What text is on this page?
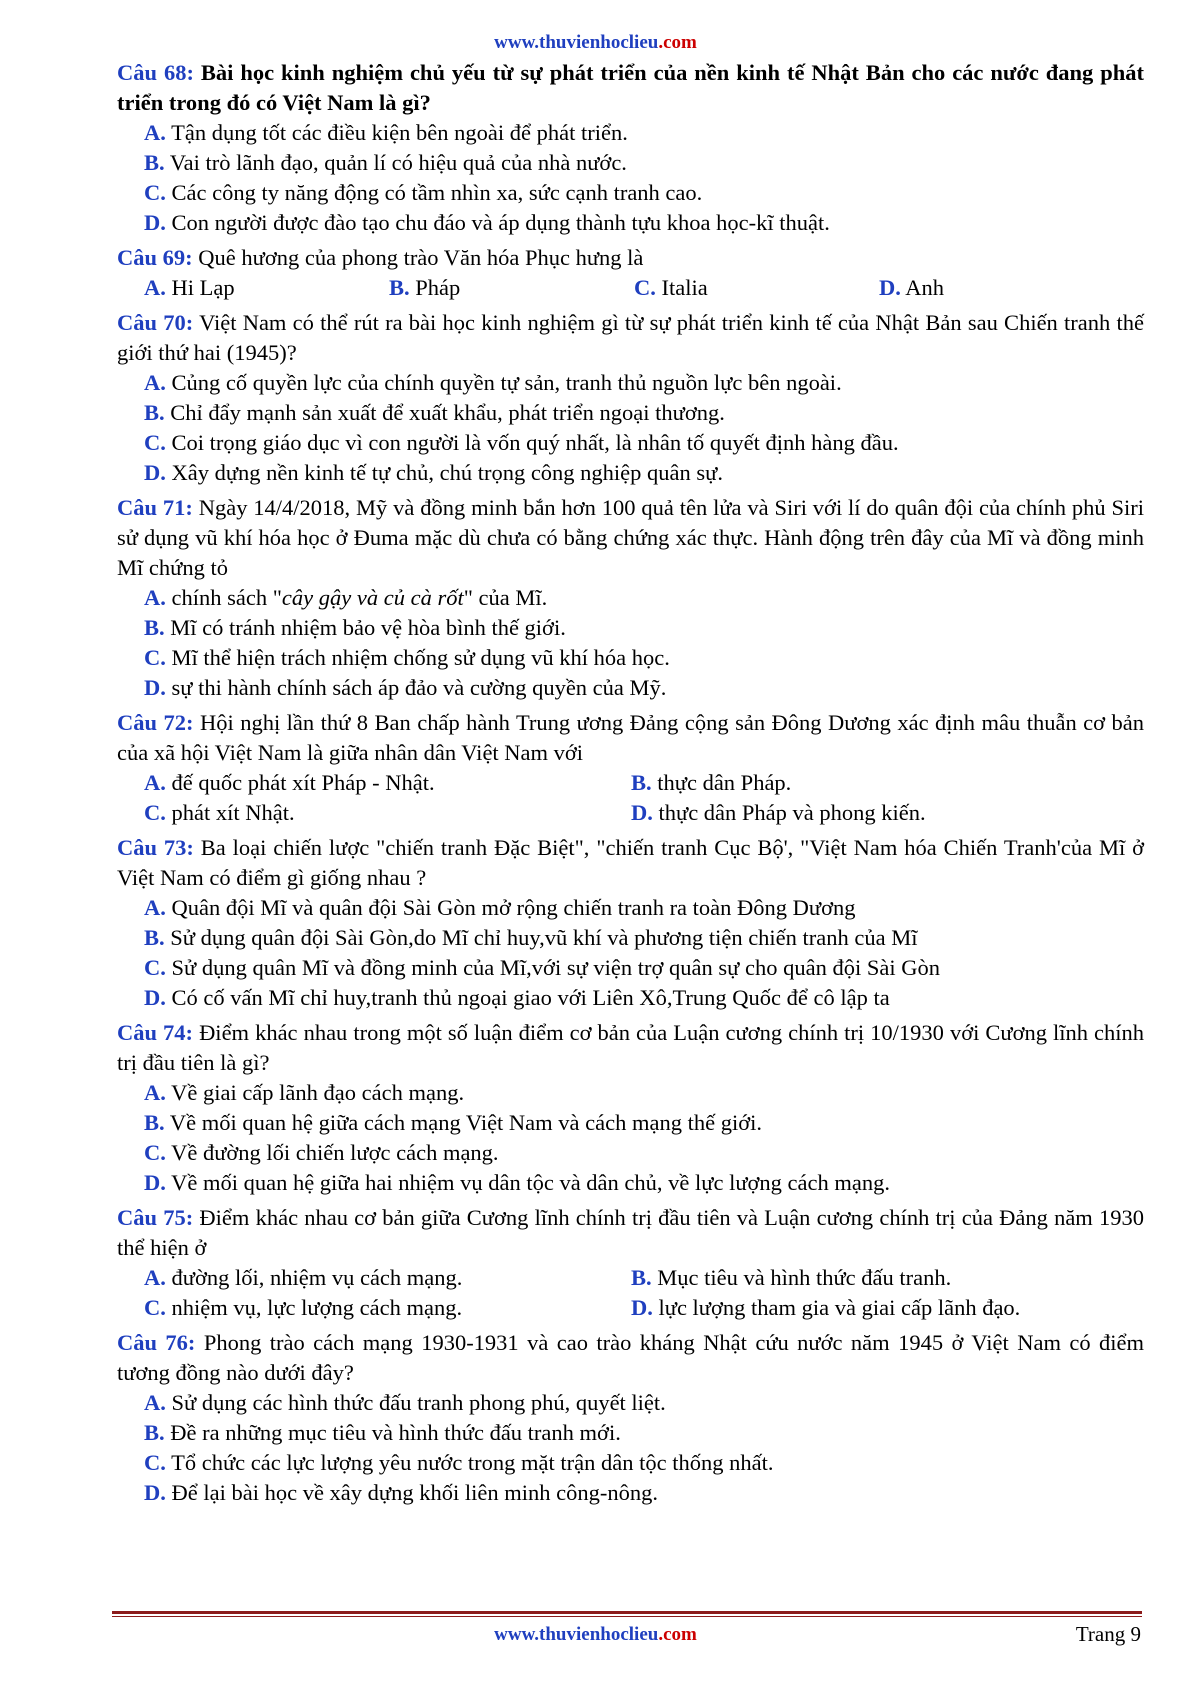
www.thuvienhoclieu.com
Câu 68: Bài học kinh nghiệm chủ yếu từ sự phát triển của nền kinh tế Nhật Bản cho các nước đang phát triển trong đó có Việt Nam là gì?
A. Tận dụng tốt các điều kiện bên ngoài để phát triển.
B. Vai trò lãnh đạo, quản lí có hiệu quả của nhà nước.
C. Các công ty năng động có tầm nhìn xa, sức cạnh tranh cao.
D. Con người được đào tạo chu đáo và áp dụng thành tựu khoa học-kĩ thuật.
Câu 69: Quê hương của phong trào Văn hóa Phục hưng là
A. Hi Lạp	B. Pháp	C. Italia	D. Anh
Câu 70: Việt Nam có thể rút ra bài học kinh nghiệm gì từ sự phát triển kinh tế của Nhật Bản sau Chiến tranh thế giới thứ hai (1945)?
A. Củng cố quyền lực của chính quyền tự sản, tranh thủ nguồn lực bên ngoài.
B. Chỉ đẩy mạnh sản xuất để xuất khẩu, phát triển ngoại thương.
C. Coi trọng giáo dục vì con người là vốn quý nhất, là nhân tố quyết định hàng đầu.
D. Xây dựng nền kinh tế tự chủ, chú trọng công nghiệp quân sự.
Câu 71: Ngày 14/4/2018, Mỹ và đồng minh bắn hơn 100 quả tên lửa và Siri với lí do quân đội của chính phủ Siri sử dụng vũ khí hóa học ở Đuma mặc dù chưa có bằng chứng xác thực. Hành động trên đây của Mĩ và đồng minh Mĩ chứng tỏ
A. chính sách "cây gậy và củ cà rốt" của Mĩ.
B. Mĩ có tránh nhiệm bảo vệ hòa bình thế giới.
C. Mĩ thể hiện trách nhiệm chống sử dụng vũ khí hóa học.
D. sự thi hành chính sách áp đảo và cường quyền của Mỹ.
Câu 72: Hội nghị lần thứ 8 Ban chấp hành Trung ương Đảng cộng sản Đông Dương xác định mâu thuẫn cơ bản của xã hội Việt Nam là giữa nhân dân Việt Nam với
A. đế quốc phát xít Pháp - Nhật.	B. thực dân Pháp.
C. phát xít Nhật.	D. thực dân Pháp và phong kiến.
Câu 73: Ba loại chiến lược "chiến tranh Đặc Biệt", "chiến tranh Cục Bộ', "Việt Nam hóa Chiến Tranh'của Mĩ ở Việt Nam có điểm gì giống nhau ?
A. Quân đội Mĩ và quân đội Sài Gòn mở rộng chiến tranh ra toàn Đông Dương
B. Sử dụng quân đội Sài Gòn,do Mĩ chỉ huy,vũ khí và phương tiện chiến tranh của Mĩ
C. Sử dụng quân Mĩ và đồng minh của Mĩ,với sự viện trợ quân sự cho quân đội Sài Gòn
D. Có cố vấn Mĩ chỉ huy,tranh thủ ngoại giao với Liên Xô,Trung Quốc để cô lập ta
Câu 74: Điểm khác nhau trong một số luận điểm cơ bản của Luận cương chính trị 10/1930 với Cương lĩnh chính trị đầu tiên là gì?
A. Về giai cấp lãnh đạo cách mạng.
B. Về mối quan hệ giữa cách mạng Việt Nam và cách mạng thế giới.
C. Về đường lối chiến lược cách mạng.
D. Về mối quan hệ giữa hai nhiệm vụ dân tộc và dân chủ, về lực lượng cách mạng.
Câu 75: Điểm khác nhau cơ bản giữa Cương lĩnh chính trị đầu tiên và Luận cương chính trị của Đảng năm 1930 thể hiện ở
A. đường lối, nhiệm vụ cách mạng.	B. Mục tiêu và hình thức đấu tranh.
C. nhiệm vụ, lực lượng cách mạng.	D. lực lượng tham gia và giai cấp lãnh đạo.
Câu 76: Phong trào cách mạng 1930-1931 và cao trào kháng Nhật cứu nước năm 1945 ở Việt Nam có điểm tương đồng nào dưới đây?
A. Sử dụng các hình thức đấu tranh phong phú, quyết liệt.
B. Đề ra những mục tiêu và hình thức đấu tranh mới.
C. Tổ chức các lực lượng yêu nước trong mặt trận dân tộc thống nhất.
D. Để lại bài học về xây dựng khối liên minh công-nông.
www.thuvienhoclieu.com	Trang 9
